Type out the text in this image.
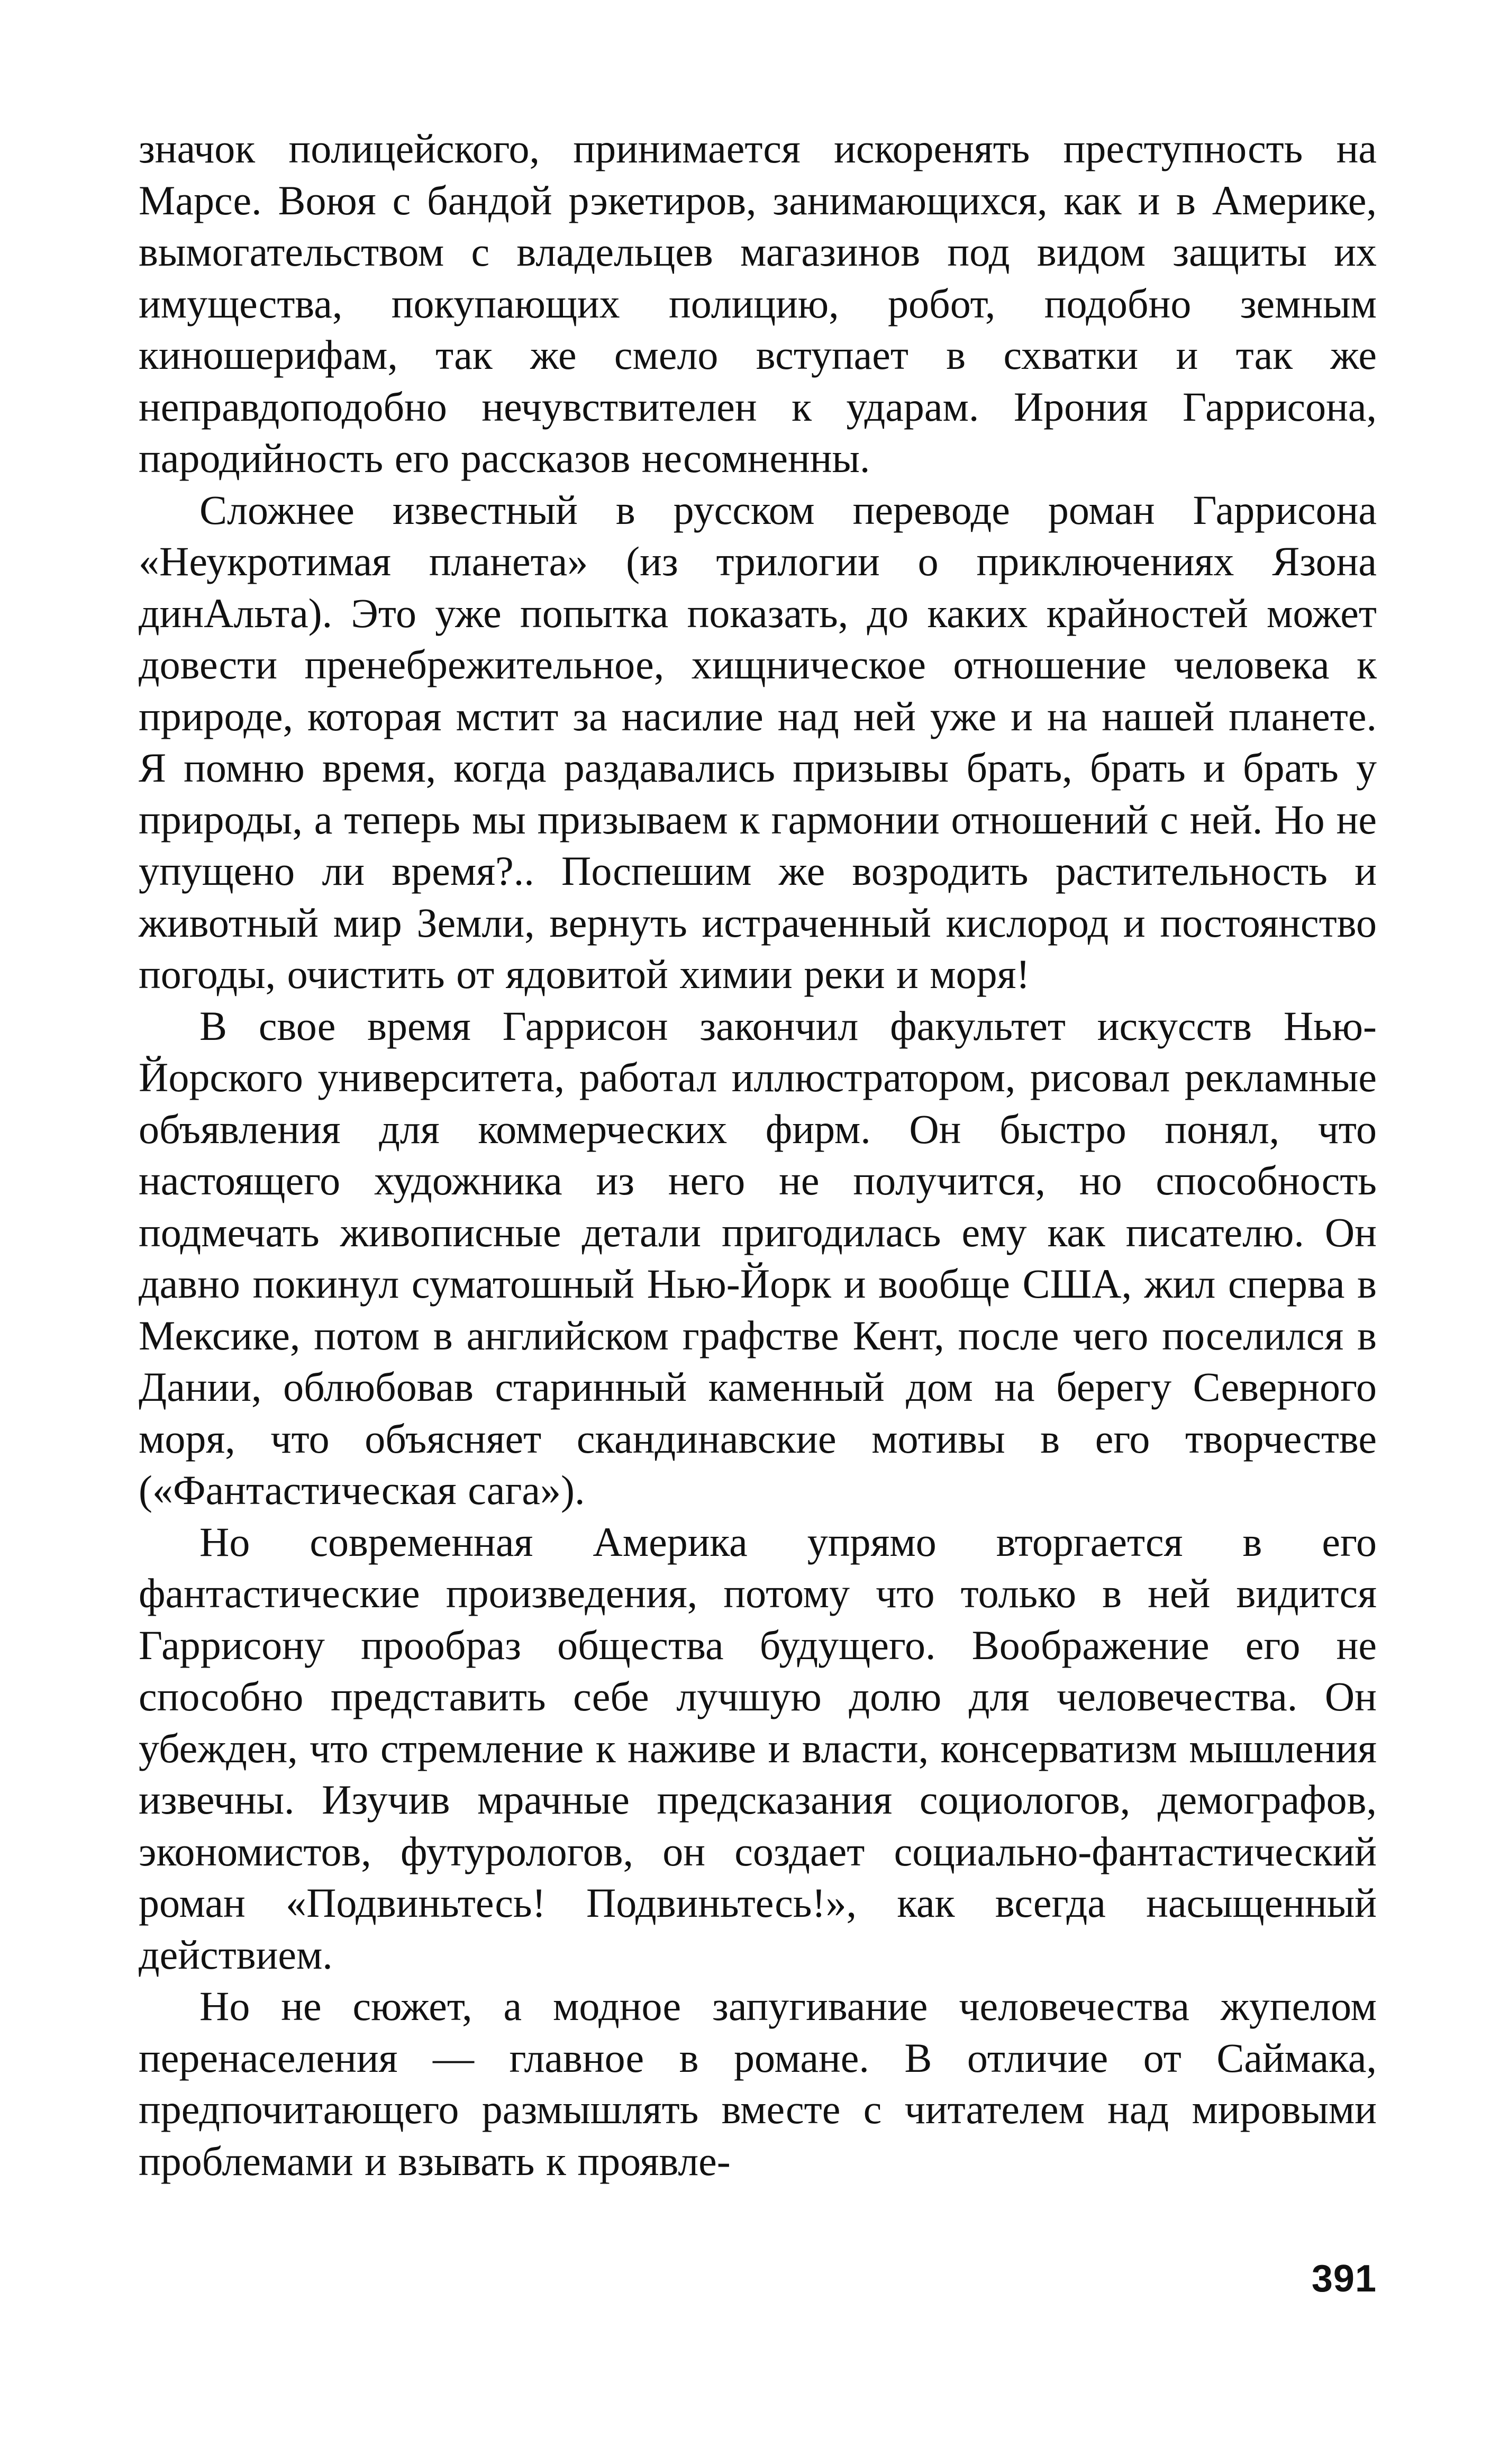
значок полицейского, принимается искоренять преступность на Марсе. Воюя с бандой рэкетиров, занимающихся, как и в Америке, вымогательством с владельцев магазинов под видом защиты их имущества, покупающих полицию, робот, подобно земным киношерифам, так же смело вступает в схватки и так же неправдоподобно нечувствителен к ударам. Ирония Гаррисона, пародийность его рассказов несомненны.

Сложнее известный в русском переводе роман Гаррисона «Неукротимая планета» (из трилогии о приключениях Язона динАльта). Это уже попытка показать, до каких крайностей может довести пренебрежительное, хищническое отношение человека к природе, которая мстит за насилие над ней уже и на нашей планете. Я помню время, когда раздавались призывы брать, брать и брать у природы, а теперь мы призываем к гармонии отношений с ней. Но не упущено ли время?.. Поспешим же возродить растительность и животный мир Земли, вернуть истраченный кислород и постоянство погоды, очистить от ядовитой химии реки и моря!

В свое время Гаррисон закончил факультет искусств Нью-Йорского университета, работал иллюстратором, рисовал рекламные объявления для коммерческих фирм. Он быстро понял, что настоящего художника из него не получится, но способность подмечать живописные детали пригодилась ему как писателю. Он давно покинул суматошный Нью-Йорк и вообще США, жил сперва в Мексике, потом в английском графстве Кент, после чего поселился в Дании, облюбовав старинный каменный дом на берегу Северного моря, что объясняет скандинавские мотивы в его творчестве («Фантастическая сага»).

Но современная Америка упрямо вторгается в его фантастические произведения, потому что только в ней видится Гаррисону прообраз общества будущего. Воображение его не способно представить себе лучшую долю для человечества. Он убежден, что стремление к наживе и власти, консерватизм мышления извечны. Изучив мрачные предсказания социологов, демографов, экономистов, футурологов, он создает социально-фантастический роман «Подвиньтесь! Подвиньтесь!», как всегда насыщенный действием.

Но не сюжет, а модное запугивание человечества жупелом перенаселения — главное в романе. В отличие от Саймака, предпочитающего размышлять вместе с читателем над мировыми проблемами и взывать к проявле-

391
